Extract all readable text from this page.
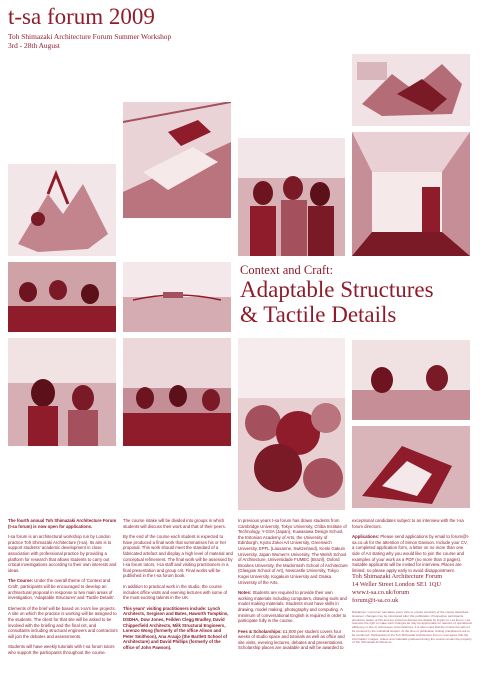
t-sa forum 2009
Toh Shimazaki Architecture Forum Summer Workshop
3rd - 28th August
Context and Craft:
Adaptable Structures
& Tactile Details

The fourth annual Toh Shimazaki Architecture Forum (t-sa forum) is now open for applications.

t-sa forum is an architectural workshop run by London practice Toh Shimazaki Architecture (t-sa). Its aim is to support students' academic development in close association with professional practice by providing a platform for research that allows students to carry out critical investigations according to their own interests and ideas.

The Course: Under the overall theme of 'Context and Craft', participants will be encouraged to develop an architectural proposal in response to two main areas of investigation, 'Adaptable Structures' and 'Tactile Details'.

Elements of the brief will be based on t-sa's live projects. A site on which the practice is working will be assigned to the students. The client for that site will be asked to be involved with the briefing and the final crit, and consultants including structural engineers and contractors will join the debates and assessments.

Students will have weekly tutorials with t-sa forum tutors who support the participants throughout the course.

The course intake will be divided into groups in which students will discuss their work and that of their peers.

By the end of the course each student is expected to have produced a final work that summarises his or her proposal. This work should meet the standard of a fabricated artefact and display a high level of material and conceptual refinement. The final work will be assessed by t-sa forum tutors, t-sa staff and visiting practitioners in a final presentation and group crit. Final works will be published in the t-sa forum book.

In addition to practical work in the studio, the course includes office visits and evening lectures with some of the most exciting talents in the UK.

This years' visiting practitioners include: Lynch Architects, Sergison and Bates, Haworth Tompkins, DSDHA, Dow Jones, Feilden Clegg Bradley, David Chipperfield Architects, Milk Structural Engineers, Lorenzo Wong (formerly of the office Alison and Peter Smithson), Ana Araujo (the Bartlett School of Architecture) and David Phillips (formerly of the office of John Pawson).

In previous years t-sa forum has drawn students from Cambridge University, Tokyo University, Chiba Institute of Technology, Y-GSA (Japan), Kuwasawa Design School, the Estonian Academy of Arts, the University of Edinburgh, Kyoto Zokei Art University, Greenwich University, EPFL (Lausanne, Switzerland), Kenki Gakuin University, Japan Women's University, The Welsh School of Architecture, Universidade FUMEC (Brazil), Oxford Brookes University, the Mackintosh School of Architecture (Glasgow School of Art), Newcastle University, Tokyo Kogei University, Kogakuin University and Osaka University of the Arts.

Notes: Students are required to provide their own working materials including computers, drawing tools and model making materials. Students must have skills in drawing, model making, photography and computing. A minimum of conversational English is required in order to participate fully in the course.

Fees & Scholarships: £1,000 per student covers four weeks of studio space and tutorials as well as office and site visits, evening lectures, debates and presentations. Scholarship places are available and will be awarded to

exceptional candidates subject to an interview with the t-sa forum directors.

Applications: Please send applications by email to forum@t-sa.co.uk for the attention of Simon Davison. Include your CV, a completed application form, a letter on no more than one side of A4 stating why you would like to join the course and examples of your work as a PDF (no more than 3 pages). Suitable applicants will be invited for interview. Places are limited, so please apply early to avoid disappointment.

Toh Shimazaki Architecture Forum
14 Weller Street London SE1 1QU
www.t-sa.co.uk/forum
forum@t-sa.co.uk
Disclaimer: t-sa forum has taken every care to ensure accuracy of the course described. However, changes may be introduced after this publication. Prospective participants should be aware of this and are invited to discuss the details by inquiry to t-sa forum. t-sa reserves the right to make such changes as may be appropriate for reasons of operational efficiency or due to unforeseen circumstances. It is also noted that the course fee will not be covered by the individual student. At the time of publication visiting practitioners are to be confirmed. Participants of the Toh Shimazaki Architecture Forum must agree that the information, images, videos and materials produced during the course remain the property of Toh Shimazaki Architecture.
